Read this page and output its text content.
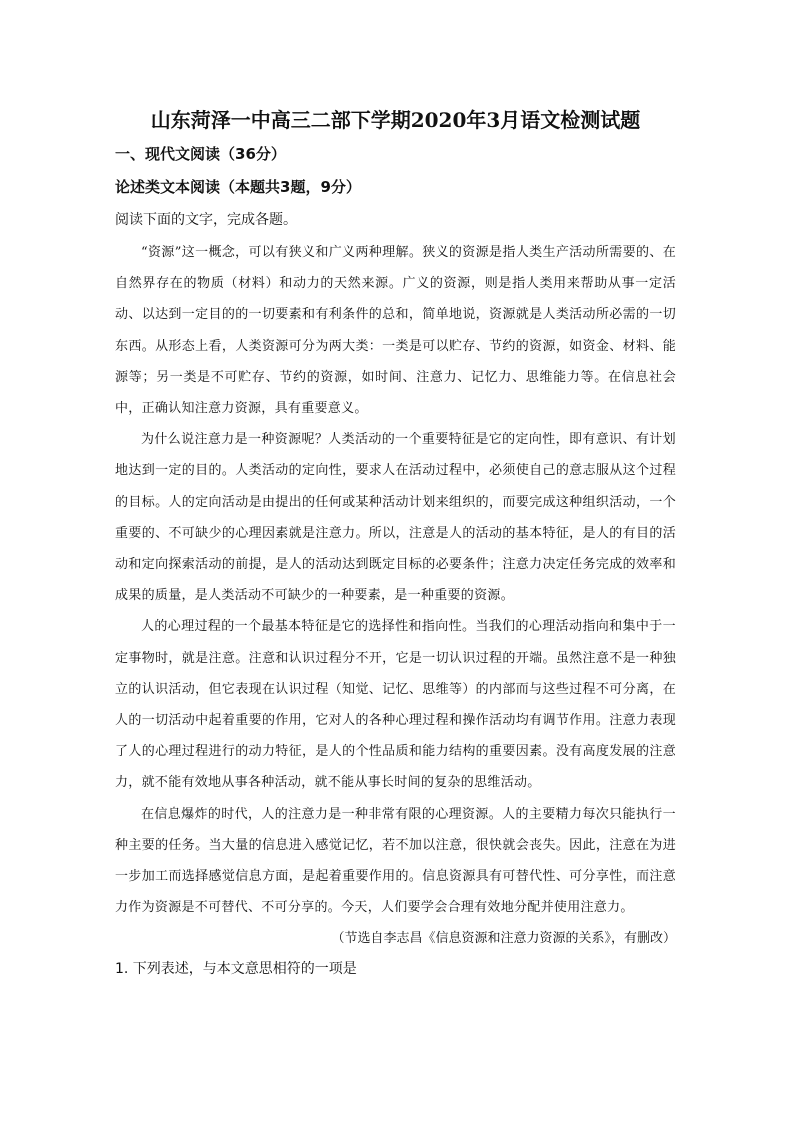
山东菏泽一中高三二部下学期2020年3月语文检测试题
一、现代文阅读（36分）
论述类文本阅读（本题共3题，9分）
阅读下面的文字，完成各题。

“资源”这一概念，可以有狭义和广义两种理解。狭义的资源是指人类生产活动所需要的、在自然界存在的物质（材料）和动力的天然来源。广义的资源，则是指人类用来帮助从事一定活动、以达到一定目的的一切要素和有利条件的总和，简单地说，资源就是人类活动所必需的一切东西。从形态上看，人类资源可分为两大类：一类是可以贮存、节约的资源，如资金、材料、能源等；另一类是不可贮存、节约的资源，如时间、注意力、记忆力、思维能力等。在信息社会中，正确认知注意力资源，具有重要意义。

为什么说注意力是一种资源呢？人类活动的一个重要特征是它的定向性，即有意识、有计划地达到一定的目的。人类活动的定向性，要求人在活动过程中，必须使自己的意志服从这个过程的目标。人的定向活动是由提出的任何或某种活动计划来组织的，而要完成这种组织活动，一个重要的、不可缺少的心理因素就是注意力。所以，注意是人的活动的基本特征，是人的有目的活动和定向探索活动的前提，是人的活动达到既定目标的必要条件；注意力决定任务完成的效率和成果的质量，是人类活动不可缺少的一种要素，是一种重要的资源。

人的心理过程的一个最基本特征是它的选择性和指向性。当我们的心理活动指向和集中于一定事物时，就是注意。注意和认识过程分不开，它是一切认识过程的开端。虽然注意不是一种独立的认识活动，但它表现在认识过程（知觉、记忆、思维等）的内部而与这些过程不可分离，在人的一切活动中起着重要的作用，它对人的各种心理过程和操作活动均有调节作用。注意力表现了人的心理过程进行的动力特征，是人的个性品质和能力结构的重要因素。没有高度发展的注意力，就不能有效地从事各种活动，就不能从事长时间的复杂的思维活动。

在信息爆炸的时代，人的注意力是一种非常有限的心理资源。人的主要精力每次只能执行一种主要的任务。当大量的信息进入感觉记忆，若不加以注意，很快就会丧失。因此，注意在为进一步加工而选择感觉信息方面，是起着重要作用的。信息资源具有可替代性、可分享性，而注意力作为资源是不可替代、不可分享的。今天，人们要学会合理有效地分配并使用注意力。

（节选自李志昌《信息资源和注意力资源的关系》，有删改）
1. 下列表述，与本文意思相符的一项是
